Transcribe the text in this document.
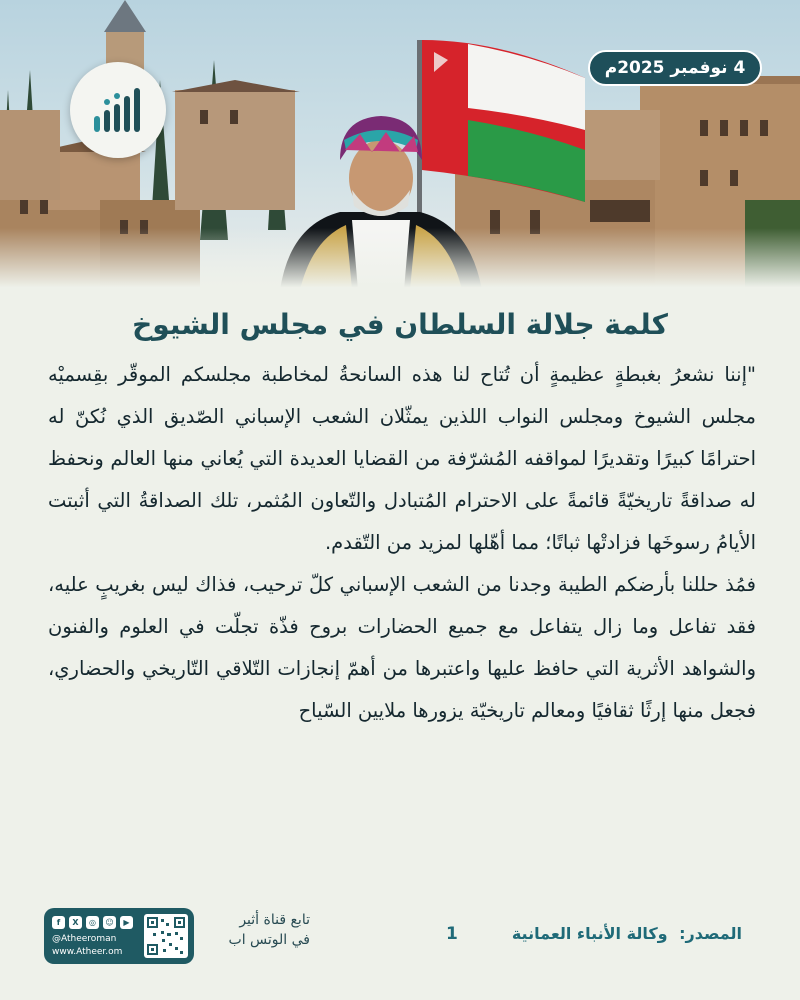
4 نوفمبر 2025م
كلمة جلالة السلطان في مجلس الشيوخ

"إننا نشعرُ بغبطةٍ عظيمةٍ أن تُتاح لنا هذه السانحةُ لمخاطبة مجلسكم الموقّر بقِسميْه مجلس الشيوخ ومجلس النواب اللذين يمثّلان الشعب الإسباني الصّديق الذي نُكنّ له احترامًا كبيرًا وتقديرًا لمواقفه المُشرّفة من القضايا العديدة التي يُعاني منها العالم ونحفظ له صداقةً تاريخيّةً قائمةً على الاحترام المُتبادل والتّعاون المُثمر، تلك الصداقةُ التي أثبتت الأيامُ رسوخَها فزادتْها ثباتًا؛ مما أهّلها لمزيد من التّقدم.

فمُذ حللنا بأرضكم الطيبة وجدنا من الشعب الإسباني كلّ ترحيب، فذاك ليس بغريبٍ عليه، فقد تفاعل وما زال يتفاعل مع جميع الحضارات بروح فذّة تجلّت في العلوم والفنون والشواهد الأثرية التي حافظ عليها واعتبرها من أهمّ إنجازات التّلاقي التّاريخي والحضاري، فجعل منها إرثًا ثقافيًا ومعالم تاريخيّة يزورها ملايين السّياح

المصدر: وكالة الأنباء العمانية
1
تابع قناة أثير
في الوتس اب
f	X	◎	☺	▶
@Atheeroman
www.Atheer.om
